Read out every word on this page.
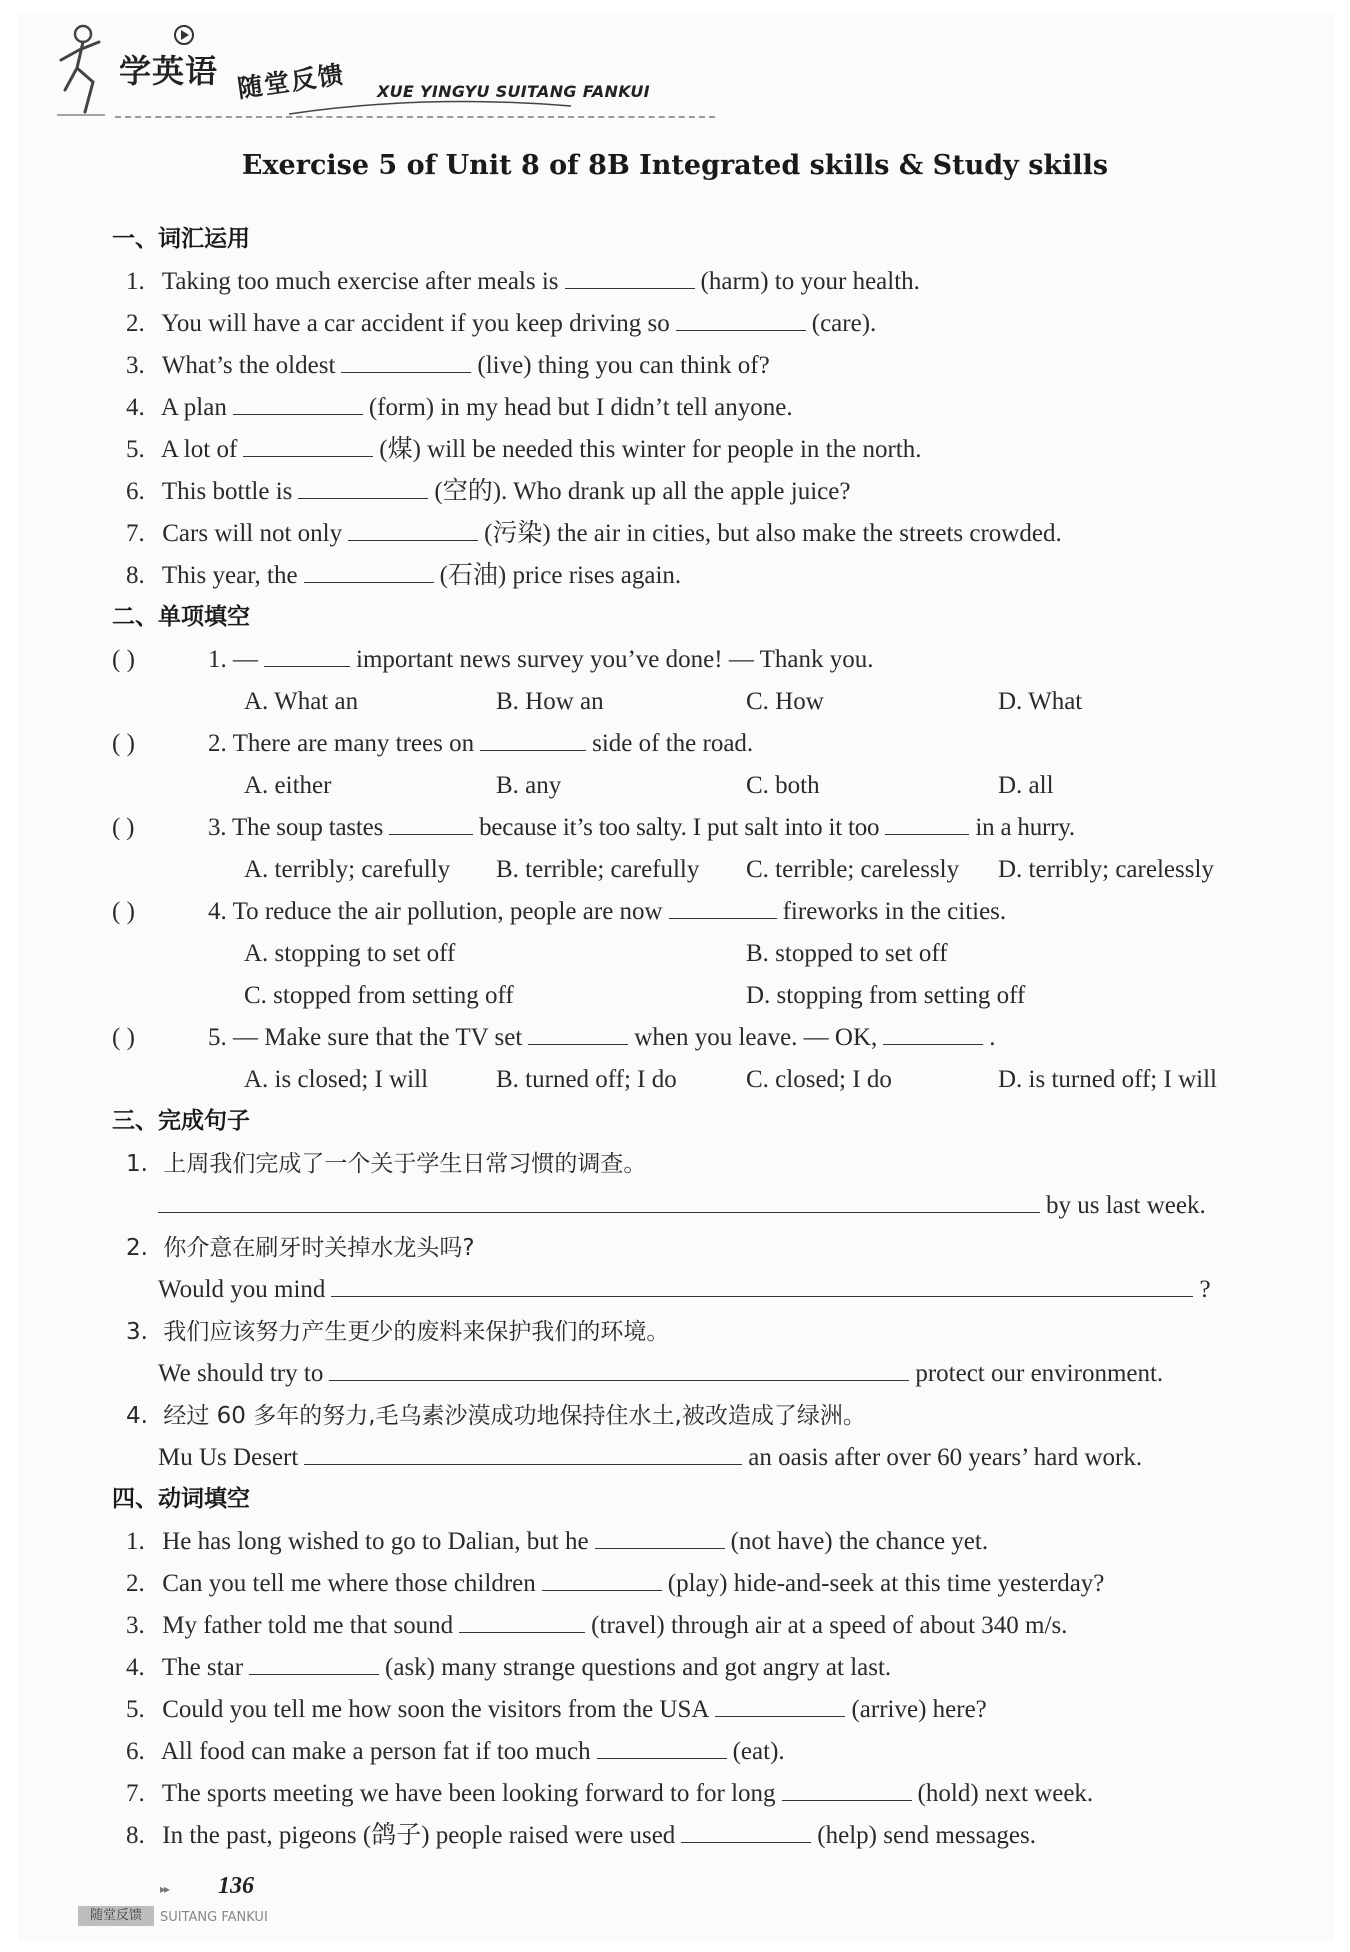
学英语 随堂反馈 XUE YINGYU SUITANG FANKUI
Exercise 5 of Unit 8 of 8B Integrated skills & Study skills
一、词汇运用
1. Taking too much exercise after meals is	(harm) to your health.
2. You will have a car accident if you keep driving so	(care).
3. What’s the oldest	(live) thing you can think of?
4. A plan	(form) in my head but I didn’t tell anyone.
5. A lot of	(煤) will be needed this winter for people in the north.
6. This bottle is	(空的). Who drank up all the apple juice?
7. Cars will not only	(污染) the air in cities, but also make the streets crowded.
8. This year, the	(石油) price rises again.
二、单项填空
( )	1. —	important news survey you’ve done! — Thank you.
A. What an	B. How an	C. How	D. What
( )	2. There are many trees on	side of the road.
A. either	B. any	C. both	D. all
( )	3. The soup tastes	because it’s too salty. I put salt into it too	in a hurry.
A. terribly; carefully B. terrible; carefully C. terrible; carelessly D. terribly; carelessly
( )	4. To reduce the air pollution, people are now	fireworks in the cities.
A. stopping to set off	B. stopped to set off
C. stopped from setting off	D. stopping from setting off
( )	5. — Make sure that the TV set	when you leave. — OK,	.
A. is closed; I will	B. turned off; I do	C. closed; I do	D. is turned off; I will
三、完成句子
1. 上周我们完成了一个关于学生日常习惯的调查。
by us last week.
2. 你介意在刷牙时关掉水龙头吗?
Would you mind	?
3. 我们应该努力产生更少的废料来保护我们的环境。
We should try to	protect our environment.
4. 经过 60 多年的努力,毛乌素沙漠成功地保持住水土,被改造成了绿洲。
Mu Us Desert	an oasis after over 60 years’ hard work.
四、动词填空
1. He has long wished to go to Dalian, but he	(not have) the chance yet.
2. Can you tell me where those children	(play) hide-and-seek at this time yesterday?
3. My father told me that sound	(travel) through air at a speed of about 340 m/s.
4. The star	(ask) many strange questions and got angry at last.
5. Could you tell me how soon the visitors from the USA	(arrive) here?
6. All food can make a person fat if too much	(eat).
7. The sports meeting we have been looking forward to for long	(hold) next week.
8. In the past, pigeons (鸽子) people raised were used	(help) send messages.
▸▸ 136
随堂反馈	SUITANG FANKUI
